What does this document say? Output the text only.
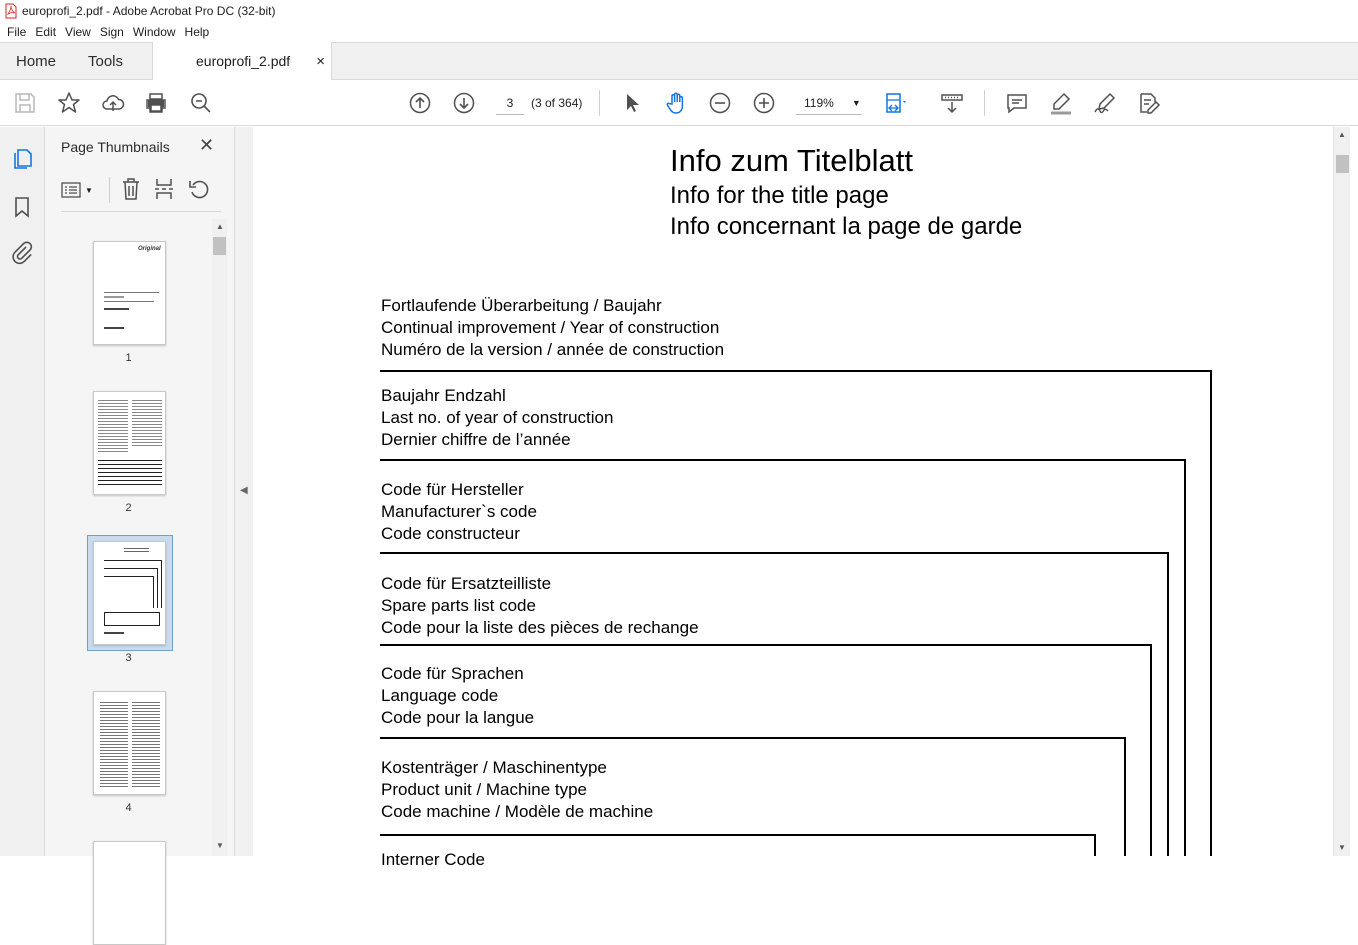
europrofi_2.pdf - Adobe Acrobat Pro DC (32-bit)
File Edit View Sign Window Help
Home Tools	europrofi_2.pdf ×
3	(3 of 364)	119% ▼
Page Thumbnails ✕
▼
Original
1
2
3
4
▲
▼
◀
Info zum Titelblatt
Info for the title page
Info concernant la page de garde
Fortlaufende Überarbeitung / Baujahr
Continual improvement / Year of construction
Numéro de la version / année de construction
Baujahr Endzahl
Last no. of year of construction
Dernier chiffre de l’année
Code für Hersteller
Manufacturer`s code
Code constructeur
Code für Ersatzteilliste
Spare parts list code
Code pour la liste des pièces de rechange
Code für Sprachen
Language code
Code pour la langue
Kostenträger / Maschinentype
Product unit / Machine type
Code machine / Modèle de machine
Interner Code
▲
▼
